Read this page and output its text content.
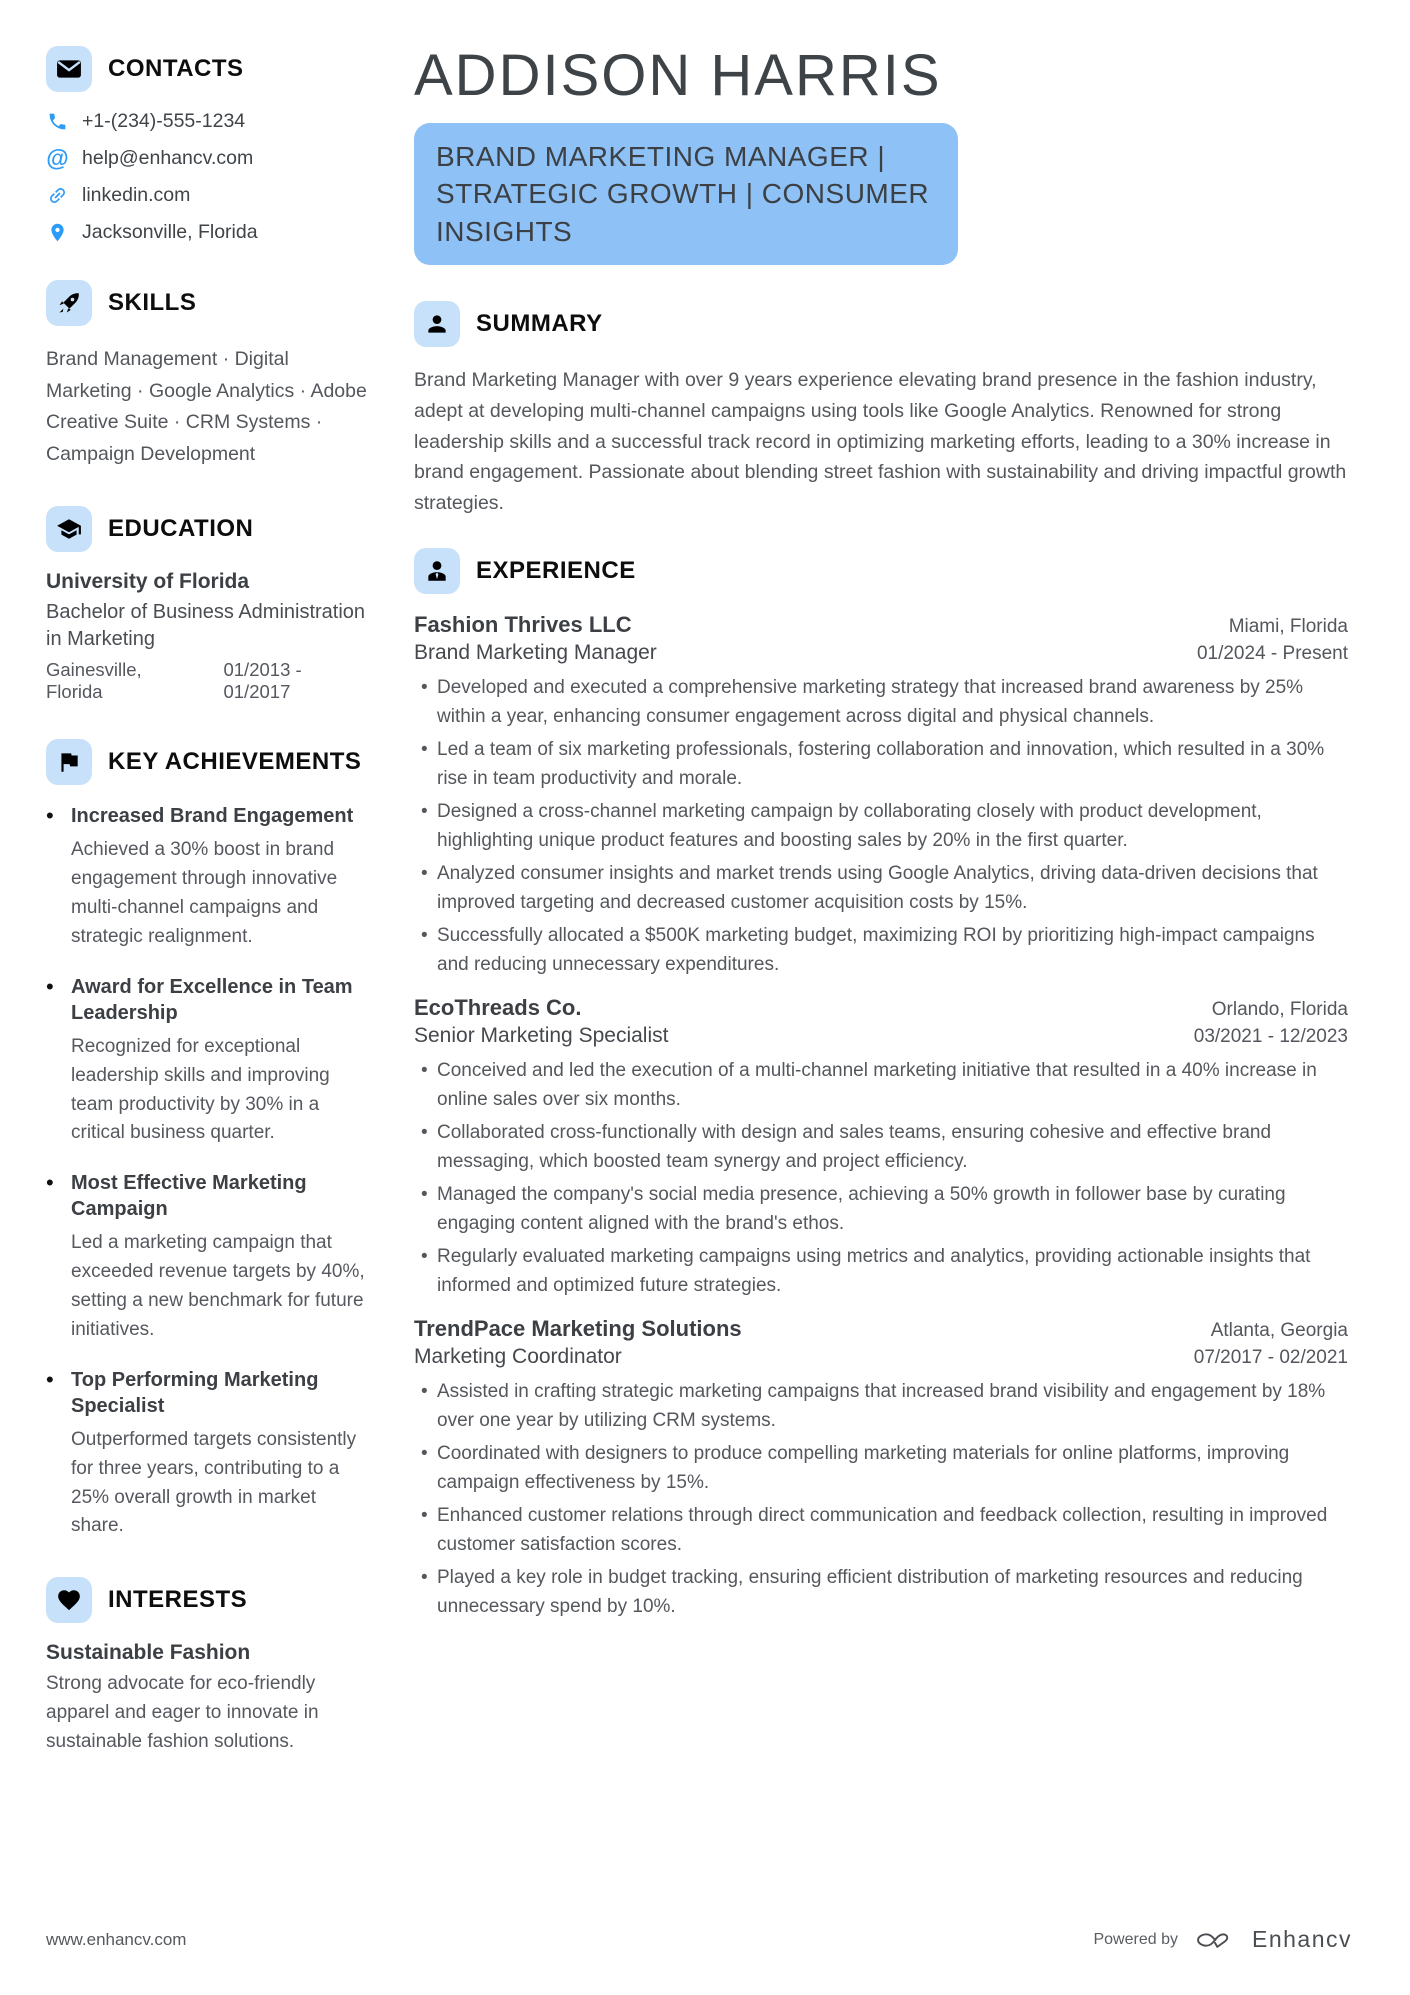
CONTACTS
+1-(234)-555-1234
@
help@enhancv.com
linkedin.com
Jacksonville, Florida
SKILLS
Brand Management · Digital Marketing · Google Analytics · Adobe Creative Suite · CRM Systems · Campaign Development
EDUCATION
University of Florida
Bachelor of Business Administration in Marketing
Gainesville, Florida
01/2013 - 01/2017
KEY ACHIEVEMENTS
•
Increased Brand Engagement
Achieved a 30% boost in brand engagement through innovative multi-channel campaigns and strategic realignment.
•
Award for Excellence in Team Leadership
Recognized for exceptional leadership skills and improving team productivity by 30% in a critical business quarter.
•
Most Effective Marketing Campaign
Led a marketing campaign that exceeded revenue targets by 40%, setting a new benchmark for future initiatives.
•
Top Performing Marketing Specialist
Outperformed targets consistently for three years, contributing to a 25% overall growth in market share.
INTERESTS
Sustainable Fashion
Strong advocate for eco-friendly apparel and eager to innovate in sustainable fashion solutions.
ADDISON HARRIS
BRAND MARKETING MANAGER | STRATEGIC GROWTH | CONSUMER INSIGHTS
SUMMARY
Brand Marketing Manager with over 9 years experience elevating brand presence in the fashion industry, adept at developing multi-channel campaigns using tools like Google Analytics. Renowned for strong leadership skills and a successful track record in optimizing marketing efforts, leading to a 30% increase in brand engagement. Passionate about blending street fashion with sustainability and driving impactful growth strategies.
EXPERIENCE
Fashion Thrives LLC	Miami, Florida
Brand Marketing Manager	01/2024 - Present
• Developed and executed a comprehensive marketing strategy that increased brand awareness by 25% within a year, enhancing consumer engagement across digital and physical channels.
• Led a team of six marketing professionals, fostering collaboration and innovation, which resulted in a 30% rise in team productivity and morale.
• Designed a cross-channel marketing campaign by collaborating closely with product development, highlighting unique product features and boosting sales by 20% in the first quarter.
• Analyzed consumer insights and market trends using Google Analytics, driving data-driven decisions that improved targeting and decreased customer acquisition costs by 15%.
• Successfully allocated a $500K marketing budget, maximizing ROI by prioritizing high-impact campaigns and reducing unnecessary expenditures.
EcoThreads Co.	Orlando, Florida
Senior Marketing Specialist	03/2021 - 12/2023
• Conceived and led the execution of a multi-channel marketing initiative that resulted in a 40% increase in online sales over six months.
• Collaborated cross-functionally with design and sales teams, ensuring cohesive and effective brand messaging, which boosted team synergy and project efficiency.
• Managed the company's social media presence, achieving a 50% growth in follower base by curating engaging content aligned with the brand's ethos.
• Regularly evaluated marketing campaigns using metrics and analytics, providing actionable insights that informed and optimized future strategies.
TrendPace Marketing Solutions	Atlanta, Georgia
Marketing Coordinator	07/2017 - 02/2021
• Assisted in crafting strategic marketing campaigns that increased brand visibility and engagement by 18% over one year by utilizing CRM systems.
• Coordinated with designers to produce compelling marketing materials for online platforms, improving campaign effectiveness by 15%.
• Enhanced customer relations through direct communication and feedback collection, resulting in improved customer satisfaction scores.
• Played a key role in budget tracking, ensuring efficient distribution of marketing resources and reducing unnecessary spend by 10%.
www.enhancv.com	Powered by	Enhancv
